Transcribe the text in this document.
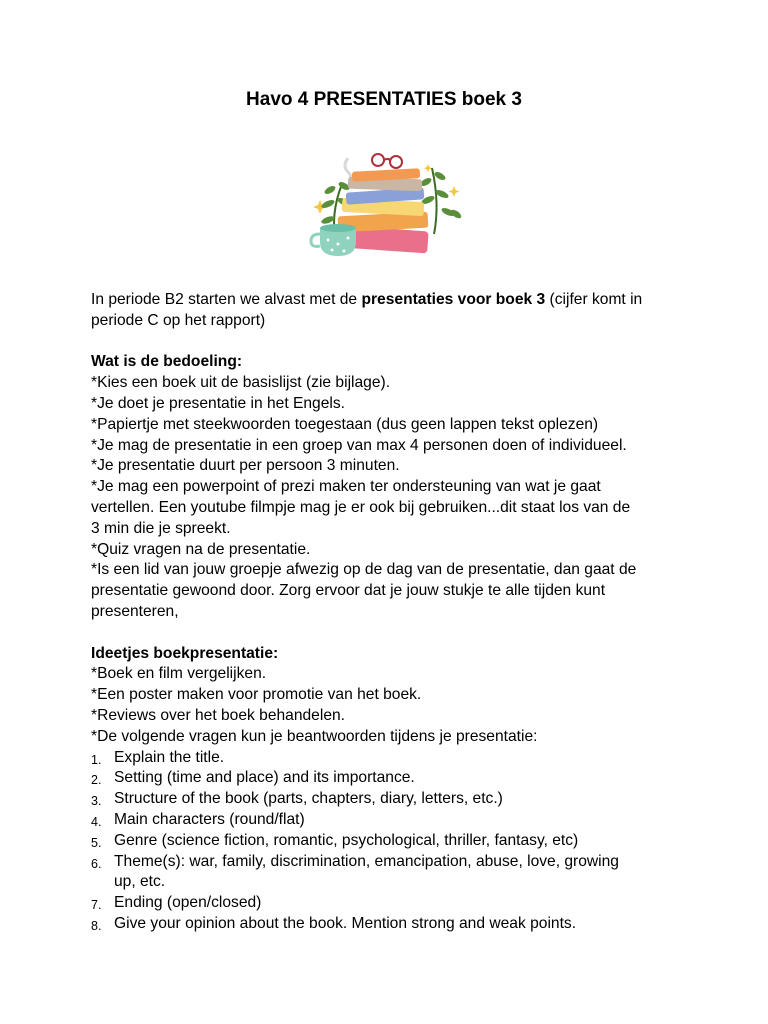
Havo 4 PRESENTATIES boek 3
In periode B2 starten we alvast met de presentaties voor boek 3 (cijfer komt in
periode C op het rapport)
Wat is de bedoeling:
*Kies een boek uit de basislijst (zie bijlage).
*Je doet je presentatie in het Engels.
*Papiertje met steekwoorden toegestaan (dus geen lappen tekst oplezen)
*Je mag de presentatie in een groep van max 4 personen doen of individueel.
*Je presentatie duurt per persoon 3 minuten.
*Je mag een powerpoint of prezi maken ter ondersteuning van wat je gaat
vertellen. Een youtube filmpje mag je er ook bij gebruiken...dit staat los van de
3 min die je spreekt.
*Quiz vragen na de presentatie.
*Is een lid van jouw groepje afwezig op de dag van de presentatie, dan gaat de
presentatie gewoond door. Zorg ervoor dat je jouw stukje te alle tijden kunt
presenteren,
Ideetjes boekpresentatie:
*Boek en film vergelijken.
*Een poster maken voor promotie van het boek.
*Reviews over het boek behandelen.
*De volgende vragen kun je beantwoorden tijdens je presentatie:
1. Explain the title.
2. Setting (time and place) and its importance.
3. Structure of the book (parts, chapters, diary, letters, etc.)
4. Main characters (round/flat)
5. Genre (science fiction, romantic, psychological, thriller, fantasy, etc)
6. Theme(s): war, family, discrimination, emancipation, abuse, love, growing
up, etc.
7. Ending (open/closed)
8. Give your opinion about the book. Mention strong and weak points.
